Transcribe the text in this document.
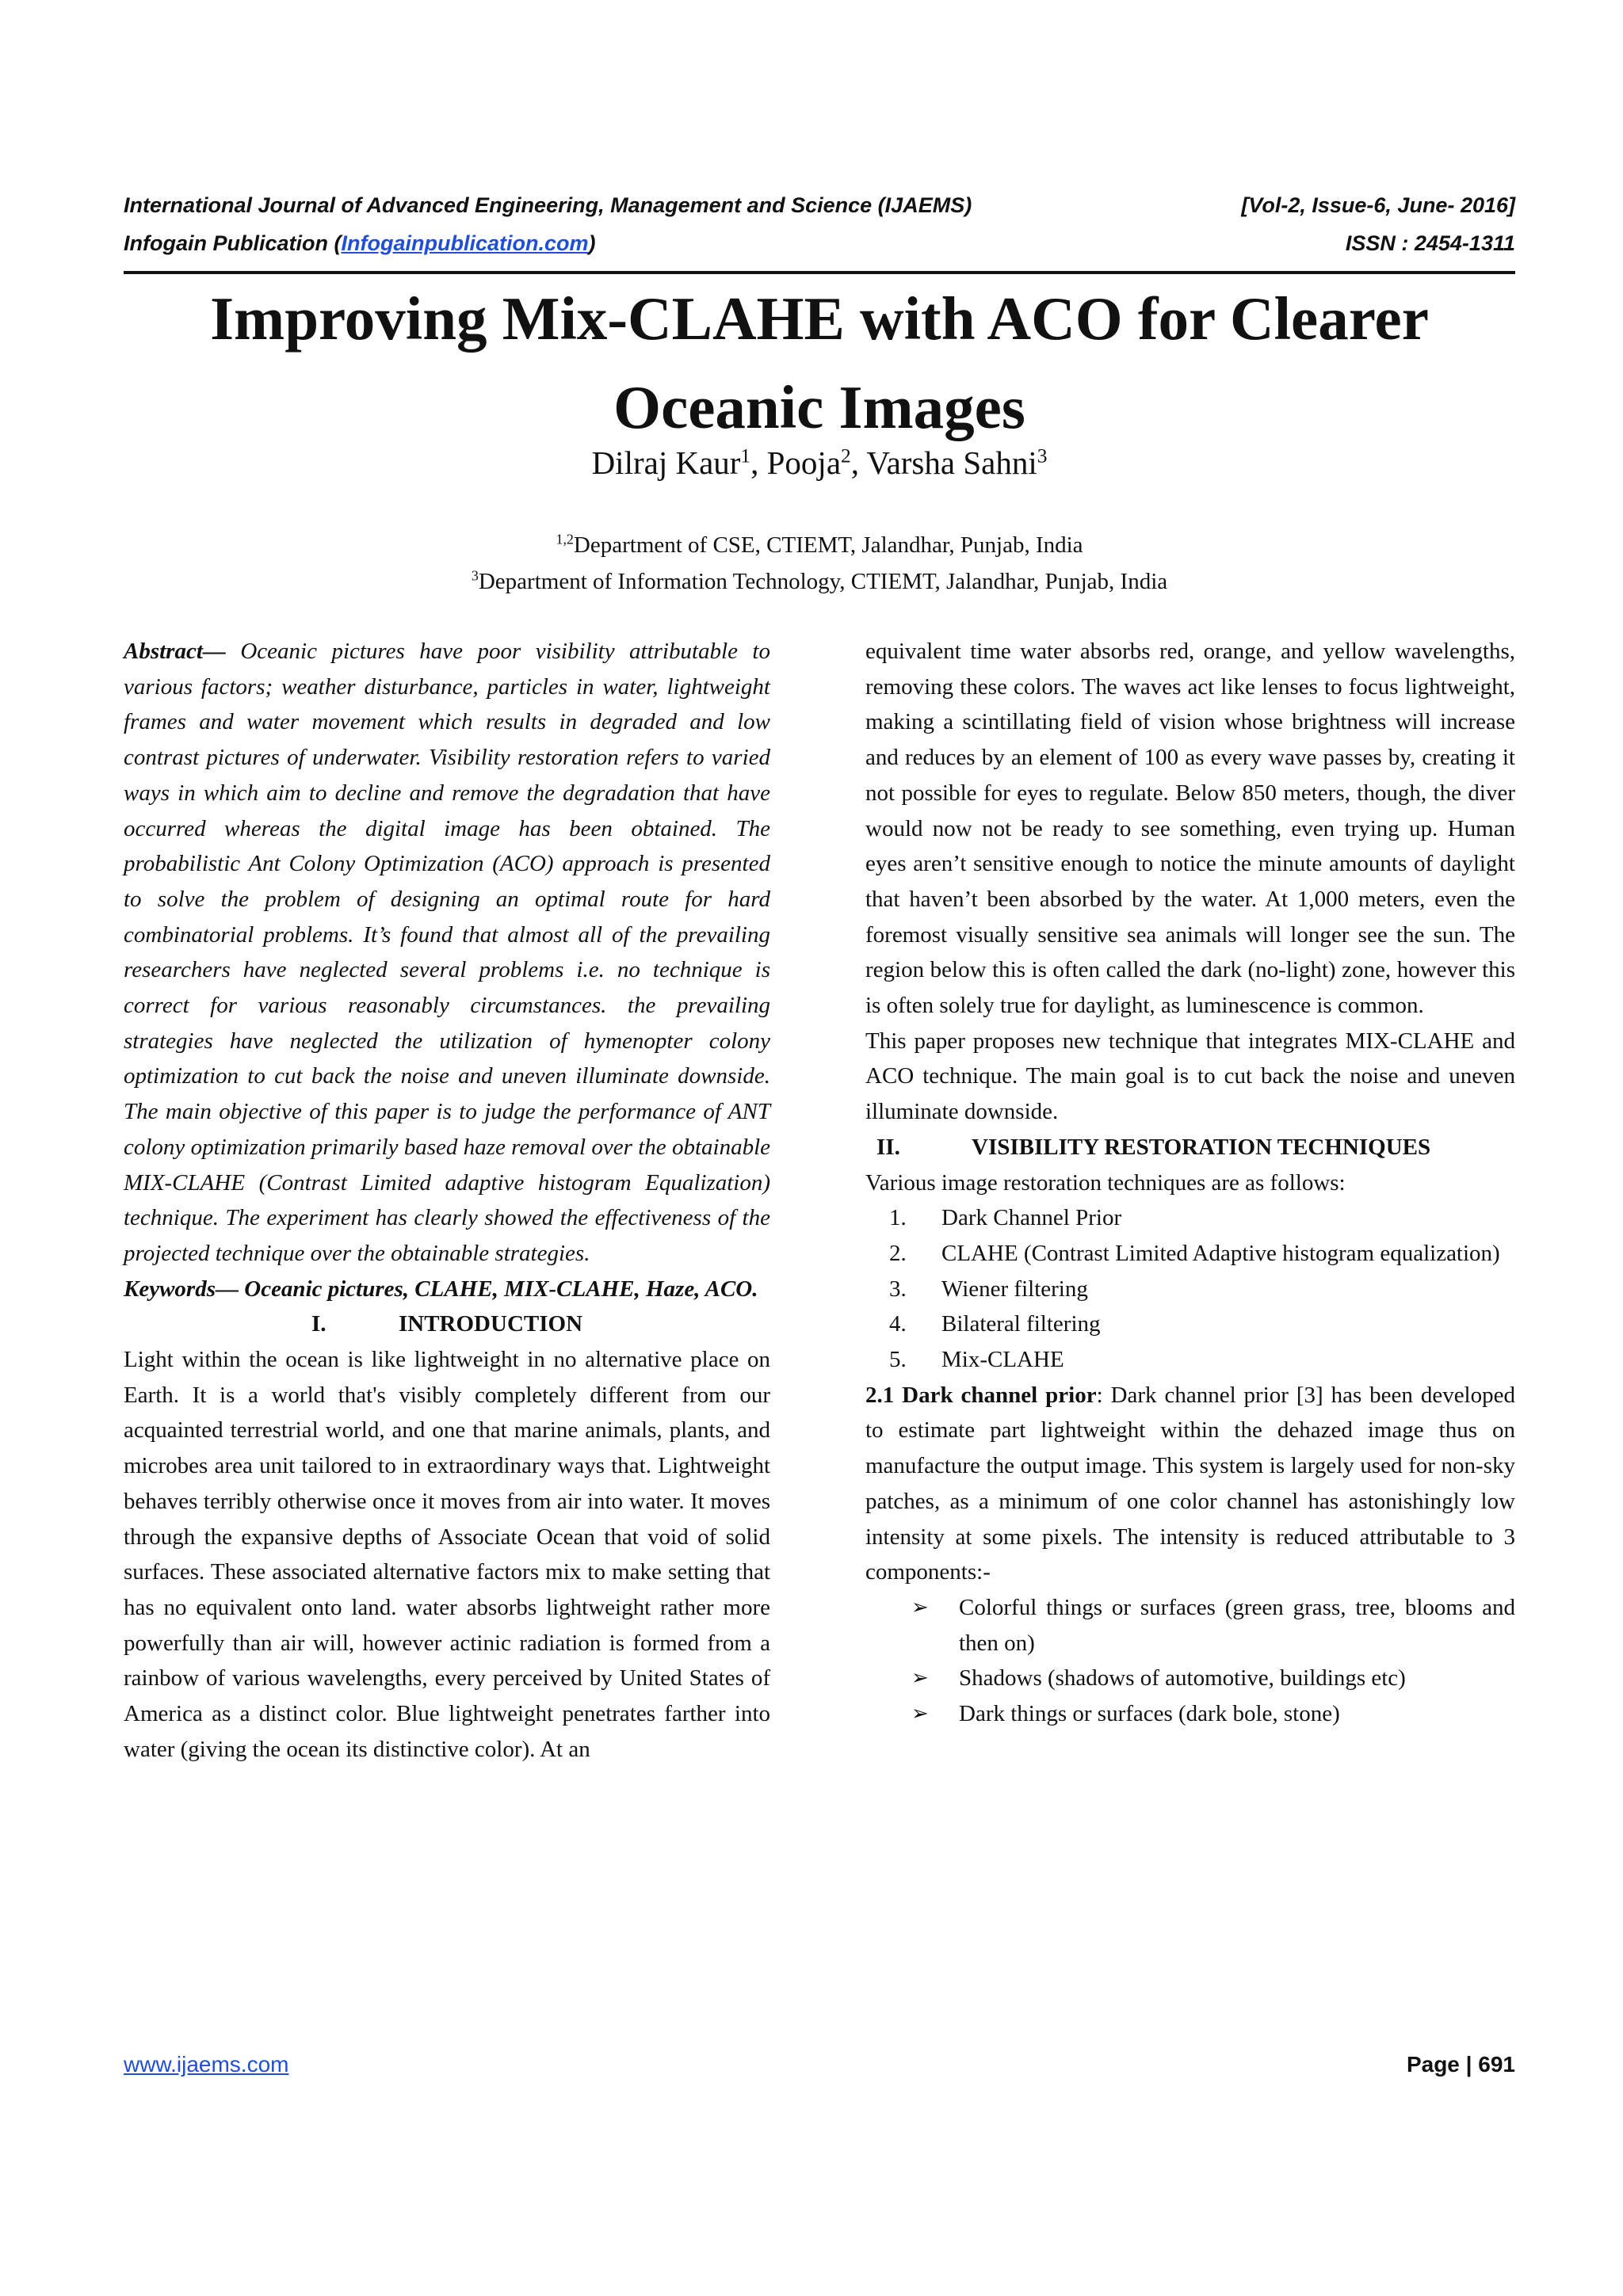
International Journal of Advanced Engineering, Management and Science (IJAEMS)	[Vol-2, Issue-6, June- 2016]
Infogain Publication (Infogainpublication.com)	ISSN : 2454-1311
Improving Mix-CLAHE with ACO for Clearer
Oceanic Images
Dilraj Kaur$^1$, Pooja$^2$, Varsha Sahni$^3$
$^{1,2}$Department of CSE, CTIEMT, Jalandhar, Punjab, India
$^3$Department of Information Technology, CTIEMT, Jalandhar, Punjab, India

Abstract— Oceanic pictures have poor visibility attributable to various factors; weather disturbance, particles in water, lightweight frames and water movement which results in degraded and low contrast pictures of underwater. Visibility restoration refers to varied ways in which aim to decline and remove the degradation that have occurred whereas the digital image has been obtained. The probabilistic Ant Colony Optimization (ACO) approach is presented to solve the problem of designing an optimal route for hard combinatorial problems. It’s found that almost all of the prevailing researchers have neglected several problems i.e. no technique is correct for various reasonably circumstances. the prevailing strategies have neglected the utilization of hymenopter colony optimization to cut back the noise and uneven illuminate downside. The main objective of this paper is to judge the performance of ANT colony optimization primarily based haze removal over the obtainable MIX-CLAHE (Contrast Limited adaptive histogram Equalization) technique. The experiment has clearly showed the effectiveness of the projected technique over the obtainable strategies.

Keywords— Oceanic pictures, CLAHE, MIX-CLAHE, Haze, ACO.

I.	INTRODUCTION

Light within the ocean is like lightweight in no alternative place on Earth. It is a world that's visibly completely different from our acquainted terrestrial world, and one that marine animals, plants, and microbes area unit tailored to in extraordinary ways that. Lightweight behaves terribly otherwise once it moves from air into water. It moves through the expansive depths of Associate Ocean that void of solid surfaces. These associated alternative factors mix to make setting that has no equivalent onto land. water absorbs lightweight rather more powerfully than air will, however actinic radiation is formed from a rainbow of various wavelengths, every perceived by United States of America as a distinct color. Blue lightweight penetrates farther into water (giving the ocean its distinctive color). At an

equivalent time water absorbs red, orange, and yellow wavelengths, removing these colors. The waves act like lenses to focus lightweight, making a scintillating field of vision whose brightness will increase and reduces by an element of 100 as every wave passes by, creating it not possible for eyes to regulate. Below 850 meters, though, the diver would now not be ready to see something, even trying up. Human eyes aren’t sensitive enough to notice the minute amounts of daylight that haven’t been absorbed by the water. At 1,000 meters, even the foremost visually sensitive sea animals will longer see the sun. The region below this is often called the dark (no-light) zone, however this is often solely true for daylight, as luminescence is common.

This paper proposes new technique that integrates MIX-CLAHE and ACO technique. The main goal is to cut back the noise and uneven illuminate downside.

II.	VISIBILITY RESTORATION TECHNIQUES

Various image restoration techniques are as follows:

1. Dark Channel Prior
2. CLAHE (Contrast Limited Adaptive histogram equalization)
3. Wiener filtering
4. Bilateral filtering
5. Mix-CLAHE

2.1 Dark channel prior: Dark channel prior [3] has been developed to estimate part lightweight within the dehazed image thus on manufacture the output image. This system is largely used for non-sky patches, as a minimum of one color channel has astonishingly low intensity at some pixels. The intensity is reduced attributable to 3 components:-

➢ Colorful things or surfaces (green grass, tree, blooms and then on)
➢ Shadows (shadows of automotive, buildings etc)
➢ Dark things or surfaces (dark bole, stone)
www.ijaems.com	Page | 691
